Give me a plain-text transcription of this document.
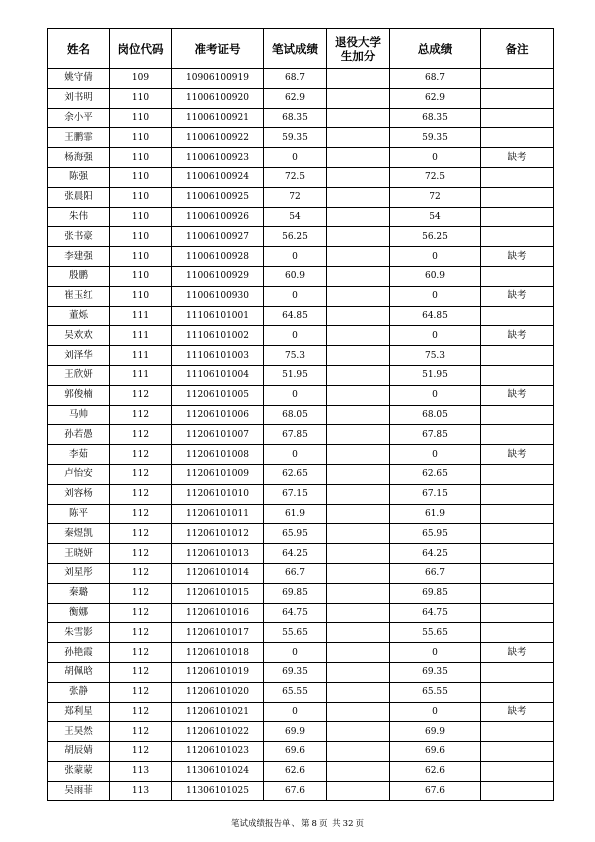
姓名	岗位代码	准考证号	笔试成绩	退役大学生加分	总成绩	备注
姚守倩	109	10906100919	68.7		68.7	
刘书明	110	11006100920	62.9		62.9	
余小平	110	11006100921	68.35		68.35	
王鹏霏	110	11006100922	59.35		59.35	
杨海强	110	11006100923	0		0	缺考
陈强	110	11006100924	72.5		72.5	
张晨阳	110	11006100925	72		72	
朱伟	110	11006100926	54		54	
张书豪	110	11006100927	56.25		56.25	
李建强	110	11006100928	0		0	缺考
殷鹏	110	11006100929	60.9		60.9	
崔玉红	110	11006100930	0		0	缺考
董烁	111	11106101001	64.85		64.85	
吴欢欢	111	11106101002	0		0	缺考
刘泽华	111	11106101003	75.3		75.3	
王欣妍	111	11106101004	51.95		51.95	
郭俊楠	112	11206101005	0		0	缺考
马帅	112	11206101006	68.05		68.05	
孙若愚	112	11206101007	67.85		67.85	
李茹	112	11206101008	0		0	缺考
卢怡安	112	11206101009	62.65		62.65	
刘容杨	112	11206101010	67.15		67.15	
陈平	112	11206101011	61.9		61.9	
秦煜凯	112	11206101012	65.95		65.95	
王晓妍	112	11206101013	64.25		64.25	
刘星彤	112	11206101014	66.7		66.7	
秦璐	112	11206101015	69.85		69.85	
衡娜	112	11206101016	64.75		64.75	
朱雪影	112	11206101017	55.65		55.65	
孙艳霞	112	11206101018	0		0	缺考
胡佩晗	112	11206101019	69.35		69.35	
张静	112	11206101020	65.55		65.55	
郑利星	112	11206101021	0		0	缺考
王昊然	112	11206101022	69.9		69.9	
胡辰婧	112	11206101023	69.6		69.6	
张蒙蒙	113	11306101024	62.6		62.6	
吴雨菲	113	11306101025	67.6		67.6	
笔试成绩报告单、第 8 页 共 32 页
